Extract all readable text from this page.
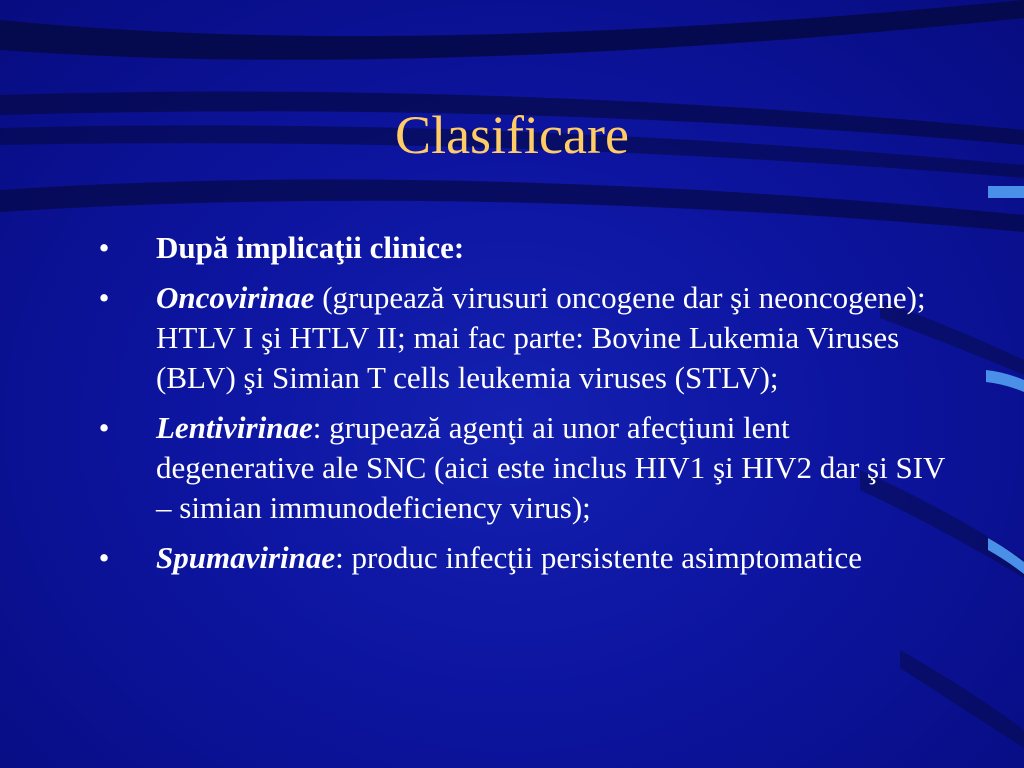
Clasificare
•	După implicaţii clinice:
•	Oncovirinae (grupează virusuri oncogene dar şi neoncogene); HTLV I şi HTLV II; mai fac parte: Bovine Lukemia Viruses (BLV) şi Simian T cells leukemia viruses (STLV);
•	Lentivirinae: grupează agenţi ai unor afecţiuni lent degenerative ale SNC (aici este inclus HIV1 şi HIV2 dar şi SIV – simian immunodeficiency virus);
•	Spumavirinae: produc infecţii persistente asimptomatice
